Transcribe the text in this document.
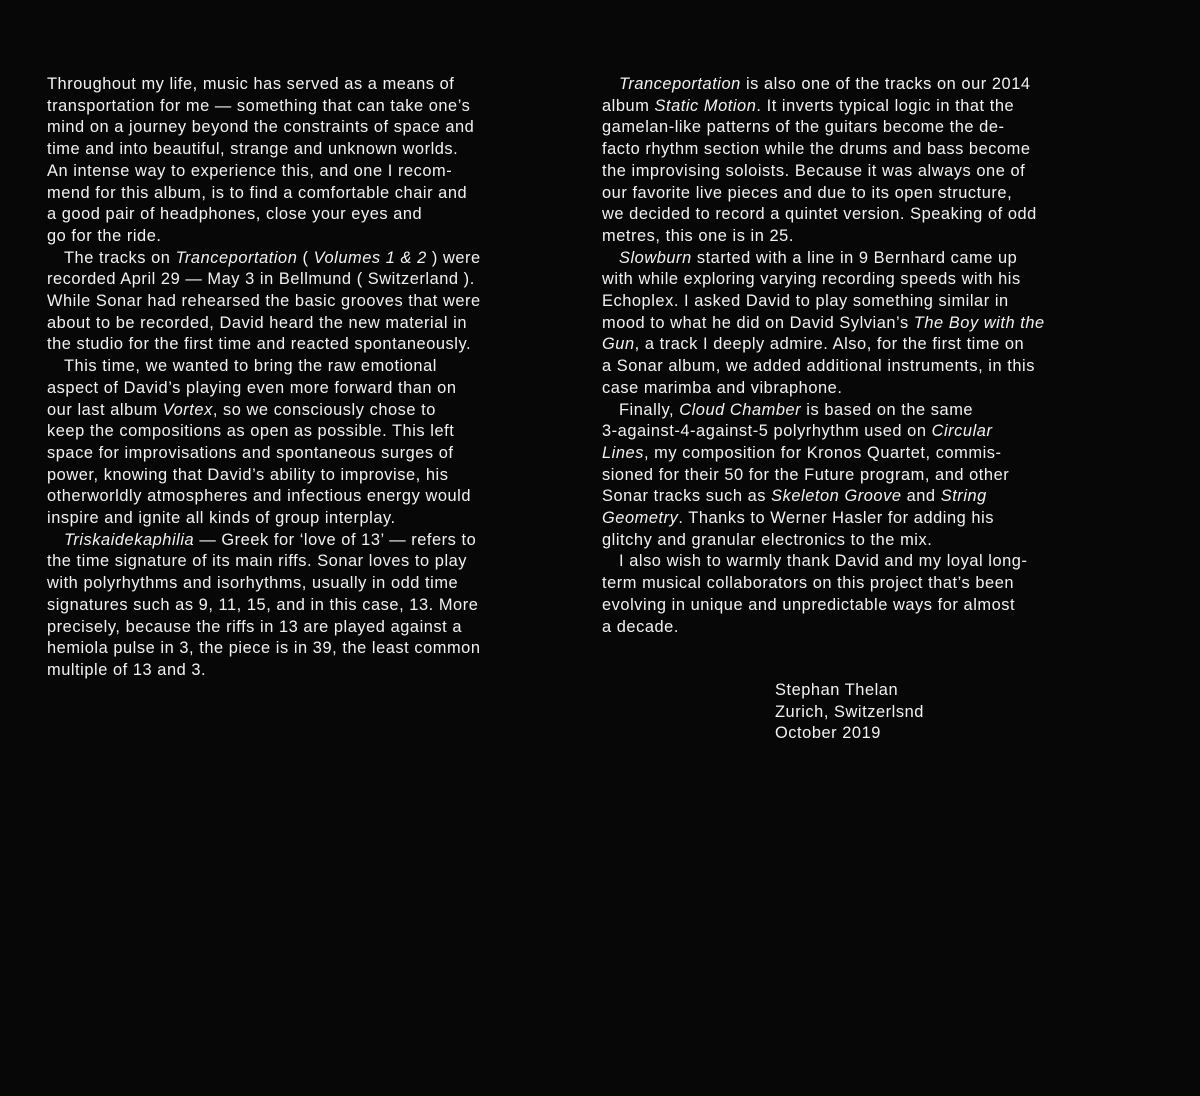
Throughout my life, music has served as a means of
transportation for me — something that can take one’s
mind on a journey beyond the constraints of space and
time and into beautiful, strange and unknown worlds.
An intense way to experience this, and one I recom-
mend for this album, is to find a comfortable chair and
a good pair of headphones, close your eyes and
go for the ride.
The tracks on Tranceportation ( Volumes 1 & 2 ) were
recorded April 29 — May 3 in Bellmund ( Switzerland ).
While Sonar had rehearsed the basic grooves that were
about to be recorded, David heard the new material in
the studio for the first time and reacted spontaneously.
This time, we wanted to bring the raw emotional
aspect of David’s playing even more forward than on
our last album Vortex, so we consciously chose to
keep the compositions as open as possible. This left
space for improvisations and spontaneous surges of
power, knowing that David’s ability to improvise, his
otherworldly atmospheres and infectious energy would
inspire and ignite all kinds of group interplay.
Triskaidekaphilia — Greek for ‘love of 13’ — refers to
the time signature of its main riffs. Sonar loves to play
with polyrhythms and isorhythms, usually in odd time
signatures such as 9, 11, 15, and in this case, 13. More
precisely, because the riffs in 13 are played against a
hemiola pulse in 3, the piece is in 39, the least common
multiple of 13 and 3.
Tranceportation is also one of the tracks on our 2014
album Static Motion. It inverts typical logic in that the
gamelan-like patterns of the guitars become the de-
facto rhythm section while the drums and bass become
the improvising soloists. Because it was always one of
our favorite live pieces and due to its open structure,
we decided to record a quintet version. Speaking of odd
metres, this one is in 25.
Slowburn started with a line in 9 Bernhard came up
with while exploring varying recording speeds with his
Echoplex. I asked David to play something similar in
mood to what he did on David Sylvian’s The Boy with the
Gun, a track I deeply admire. Also, for the first time on
a Sonar album, we added additional instruments, in this
case marimba and vibraphone.
Finally, Cloud Chamber is based on the same
3-against-4-against-5 polyrhythm used on Circular
Lines, my composition for Kronos Quartet, commis-
sioned for their 50 for the Future program, and other
Sonar tracks such as Skeleton Groove and String
Geometry. Thanks to Werner Hasler for adding his
glitchy and granular electronics to the mix.
I also wish to warmly thank David and my loyal long-
term musical collaborators on this project that’s been
evolving in unique and unpredictable ways for almost
a decade.
Stephan Thelan
Zurich, Switzerlsnd
October 2019
